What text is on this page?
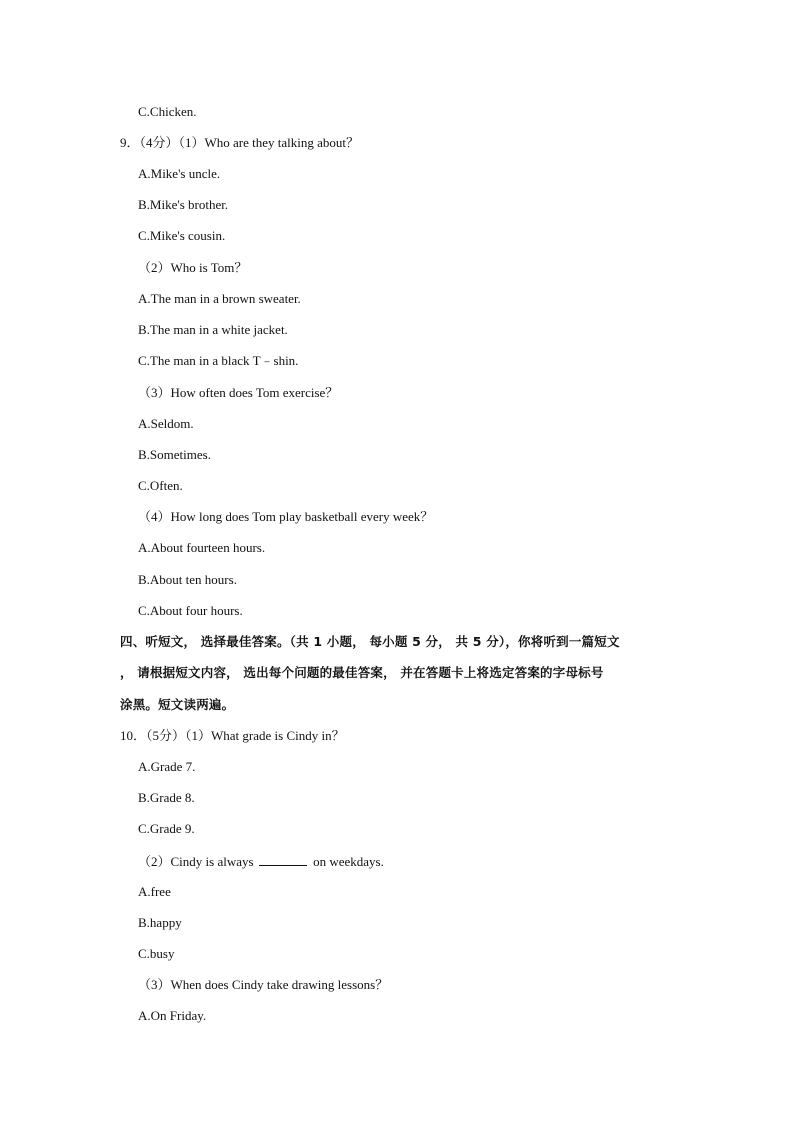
C.Chicken.
9．（4分）（1）Who are they talking about？
A.Mike's uncle.
B.Mike's brother.
C.Mike's cousin.
（2）Who is Tom？
A.The man in a brown sweater.
B.The man in a white jacket.
C.The man in a black T﹣shin.
（3）How often does Tom exercise？
A.Seldom.
B.Sometimes.
C.Often.
（4）How long does Tom play basketball every week？
A.About fourteen hours.
B.About ten hours.
C.About four hours.
四、听短文， 选择最佳答案。（共 1 小题， 每小题 5 分， 共 5 分），你将听到一篇短文
， 请根据短文内容， 选出每个问题的最佳答案， 并在答题卡上将选定答案的字母标号
涂黑。短文读两遍。
10．（5分）（1）What grade is Cindy in？
A.Grade 7.
B.Grade 8.
C.Grade 9.
（2）Cindy is always	on weekdays.
A.free
B.happy
C.busy
（3）When does Cindy take drawing lessons？
A.On Friday.
